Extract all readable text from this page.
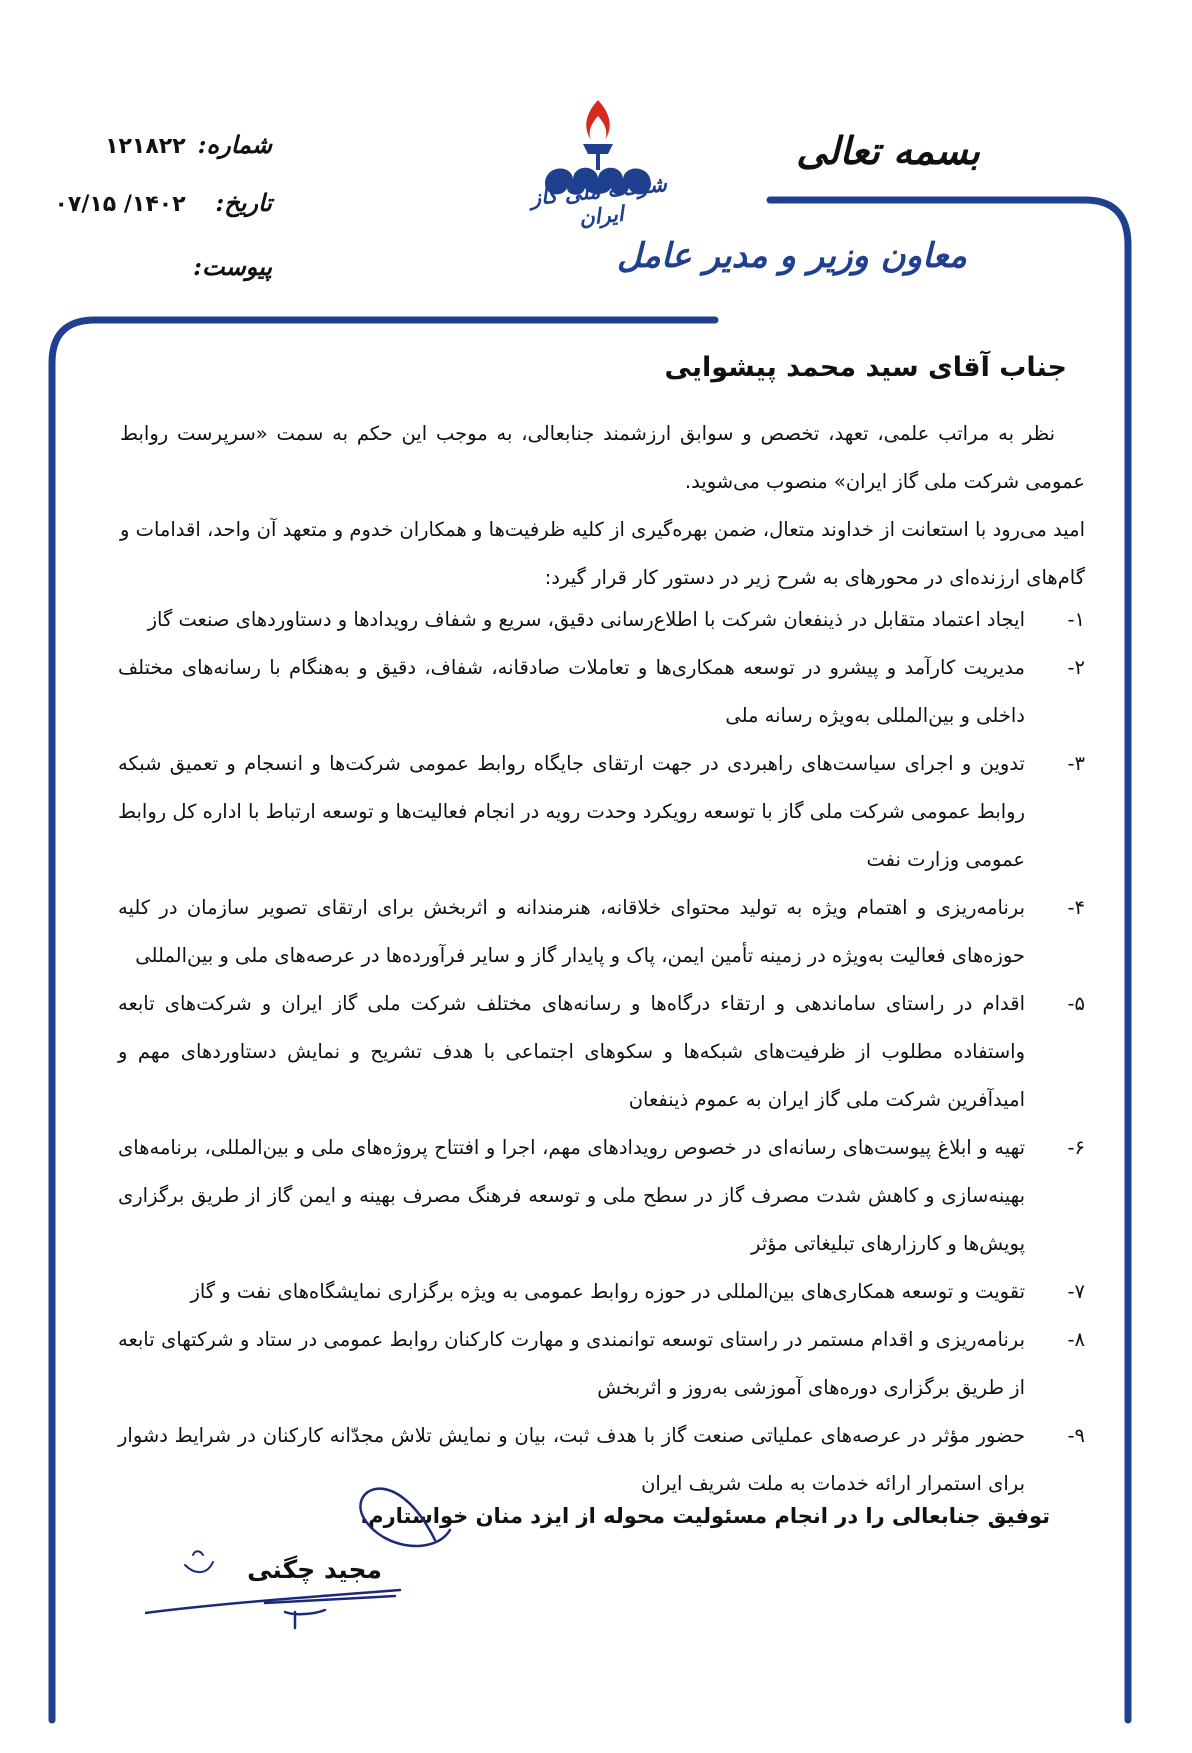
بسمه تعالی
معاون وزیر و مدیر عامل
شرکت ملی گاز ایران
شماره: ۱۲۱۸۲۲
تاریخ: ۱۴۰۲/ ۰۷/۱۵
پیوست:
جناب آقای سید محمد پیشوایی
نظر به مراتب علمی، تعهد، تخصص و سوابق ارزشمند جنابعالی، به موجب این حکم به سمت «سرپرست روابط عمومی شرکت ملی گاز ایران» منصوب می‌شوید.
امید می‌رود با استعانت از خداوند متعال، ضمن بهره‌گیری از کلیه ظرفیت‌ها و همکاران خدوم و متعهد آن واحد، اقدامات و گام‌های ارزنده‌ای در محورهای به شرح زیر در دستور کار قرار گیرد:
۱-
ایجاد اعتماد متقابل در ذینفعان شرکت با اطلاع‌رسانی دقیق، سریع و شفاف رویدادها و دستاوردهای صنعت گاز
۲-
مدیریت کارآمد و پیشرو در توسعه همکاری‌ها و تعاملات صادقانه، شفاف، دقیق و به‌هنگام با رسانه‌های مختلف داخلی و بین‌المللی به‌ویژه رسانه ملی
۳-
تدوین و اجرای سیاست‌های راهبردی در جهت ارتقای جایگاه روابط عمومی شرکت‌ها و انسجام و تعمیق شبکه روابط عمومی شرکت ملی گاز با توسعه رویکرد وحدت رویه در انجام فعالیت‌ها و توسعه ارتباط با اداره کل روابط عمومی وزارت نفت
۴-
برنامه‌ریزی و اهتمام ویژه به تولید محتوای خلاقانه، هنرمندانه و اثربخش برای ارتقای تصویر سازمان در کلیه حوزه‌های فعالیت به‌ویژه در زمینه تأمین ایمن، پاک و پایدار گاز و سایر فرآورده‌ها در عرصه‌های ملی و بین‌المللی
۵-
اقدام در راستای ساماندهی و ارتقاء درگاه‌ها و رسانه‌های مختلف شرکت ملی گاز ایران و شرکت‌های تابعه واستفاده مطلوب از ظرفیت‌های شبکه‌ها و سکوهای اجتماعی با هدف تشریح و نمایش دستاوردهای مهم و امیدآفرین شرکت ملی گاز ایران به عموم ذینفعان
۶-
تهیه و ابلاغ پیوست‌های رسانه‌ای در خصوص رویدادهای مهم، اجرا و افتتاح پروژه‌های ملی و بین‌المللی، برنامه‌های بهینه‌سازی و کاهش شدت مصرف گاز در سطح ملی و توسعه فرهنگ مصرف بهینه و ایمن گاز از طریق برگزاری پویش‌ها و کارزارهای تبلیغاتی مؤثر
۷-
تقویت و توسعه همکاری‌های بین‌المللی در حوزه روابط عمومی به ویژه برگزاری نمایشگاه‌های نفت و گاز
۸-
برنامه‌ریزی و اقدام مستمر در راستای توسعه توانمندی و مهارت کارکنان روابط عمومی در ستاد و شرکتهای تابعه از طریق برگزاری دوره‌های آموزشی به‌روز و اثربخش
۹-
حضور مؤثر در عرصه‌های عملیاتی صنعت گاز با هدف ثبت، بیان و نمایش تلاش مجدّانه کارکنان در شرایط دشوار برای استمرار ارائه خدمات به ملت شریف ایران
توفیق جنابعالی را در انجام مسئولیت محوله از ایزد منان خواستارم.
مجید چگنی
